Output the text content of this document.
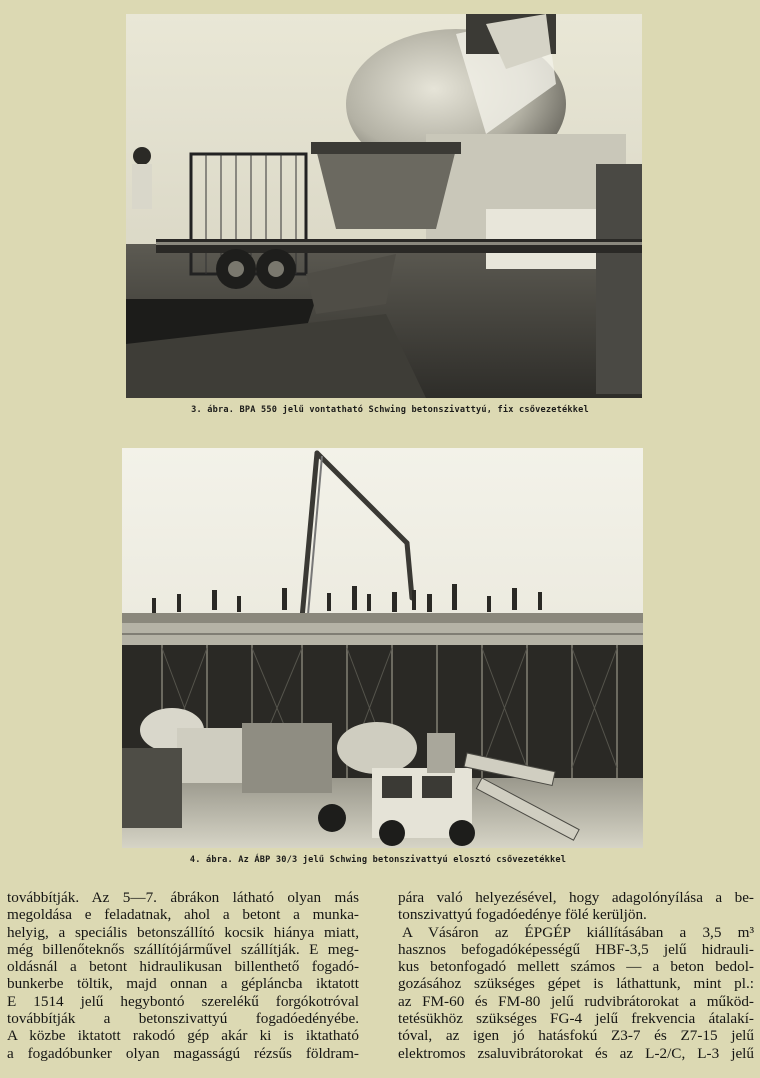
3. ábra. BPA 550 jelű vontatható Schwing betonszivattyú, fix csővezetékkel
4. ábra. Az ÁBP 30/3 jelű Schwing betonszivattyú elosztó csővezetékkel
továbbítják. Az 5—7. ábrákon látható olyan más
megoldása e feladatnak, ahol a betont a munka-
helyig, a speciális betonszállító kocsik hiánya miatt,
még billenőteknős szállítójárművel szállítják. E meg-
oldásnál a betont hidraulikusan billenthető fogadó-
bunkerbe töltik, majd onnan a gépláncba iktatott
E 1514 jelű hegybontó szerelékű forgókotróval
továbbítják a betonszivattyú fogadóedényébe.
A közbe iktatott rakodó gép akár ki is iktatható
a fogadóbunker olyan magasságú rézsűs földram-
pára való helyezésével, hogy adagolónyílása a be-
tonszivattyú fogadóedénye fölé kerüljön.
A Vásáron az ÉPGÉP kiállításában a 3,5 m³
hasznos befogadóképességű HBF-3,5 jelű hidrauli-
kus betonfogadó mellett számos — a beton bedol-
gozásához szükséges gépet is láthattunk, mint pl.:
az FM-60 és FM-80 jelű rudvibrátorokat a működ-
tetésükhöz szükséges FG-4 jelű frekvencia átalakí-
tóval, az igen jó hatásfokú Z3-7 és Z7-15 jelű
elektromos zsaluvibrátorokat és az L-2/C, L-3 jelű
